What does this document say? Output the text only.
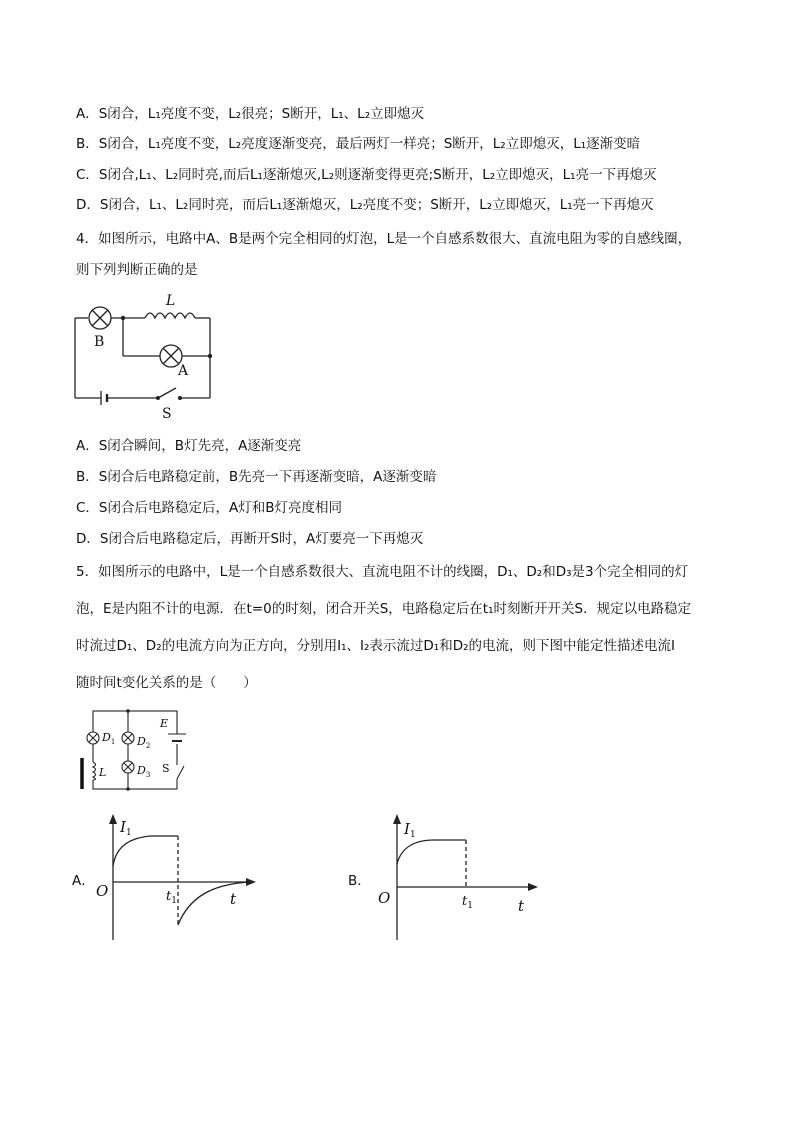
A．S闭合，L₁亮度不变，L₂很亮；S断开，L₁、L₂立即熄灭
B．S闭合，L₁亮度不变，L₂亮度逐渐变亮，最后两灯一样亮；S断开，L₂立即熄灭，L₁逐渐变暗
C．S闭合,L₁、L₂同时亮,而后L₁逐渐熄灭,L₂则逐渐变得更亮;S断开，L₂立即熄灭，L₁亮一下再熄灭
D．S闭合，L₁、L₂同时亮，而后L₁逐渐熄灭，L₂亮度不变；S断开，L₂立即熄灭，L₁亮一下再熄灭
4．如图所示，电路中A、B是两个完全相同的灯泡，L是一个自感系数很大、直流电阻为零的自感线圈，
则下列判断正确的是
L
B
A
S
A．S闭合瞬间，B灯先亮，A逐渐变亮
B．S闭合后电路稳定前，B先亮一下再逐渐变暗，A逐渐变暗
C．S闭合后电路稳定后，A灯和B灯亮度相同
D．S闭合后电路稳定后，再断开S时，A灯要亮一下再熄灭
5．如图所示的电路中，L是一个自感系数很大、直流电阻不计的线圈，D₁、D₂和D₃是3个完全相同的灯
泡，E是内阻不计的电源．在t=0的时刻，闭合开关S，电路稳定后在t₁时刻断开开关S．规定以电路稳定
时流过D₁、D₂的电流方向为正方向，分别用I₁、I₂表示流过D₁和D₂的电流，则下图中能定性描述电流I
随时间t变化关系的是（　　）
E
$D_1$ $D_2$
$D_3$
L	S
A．
$I_1$
O	$t_1$	t
B．
$I_1$
O	$t_1$	t
